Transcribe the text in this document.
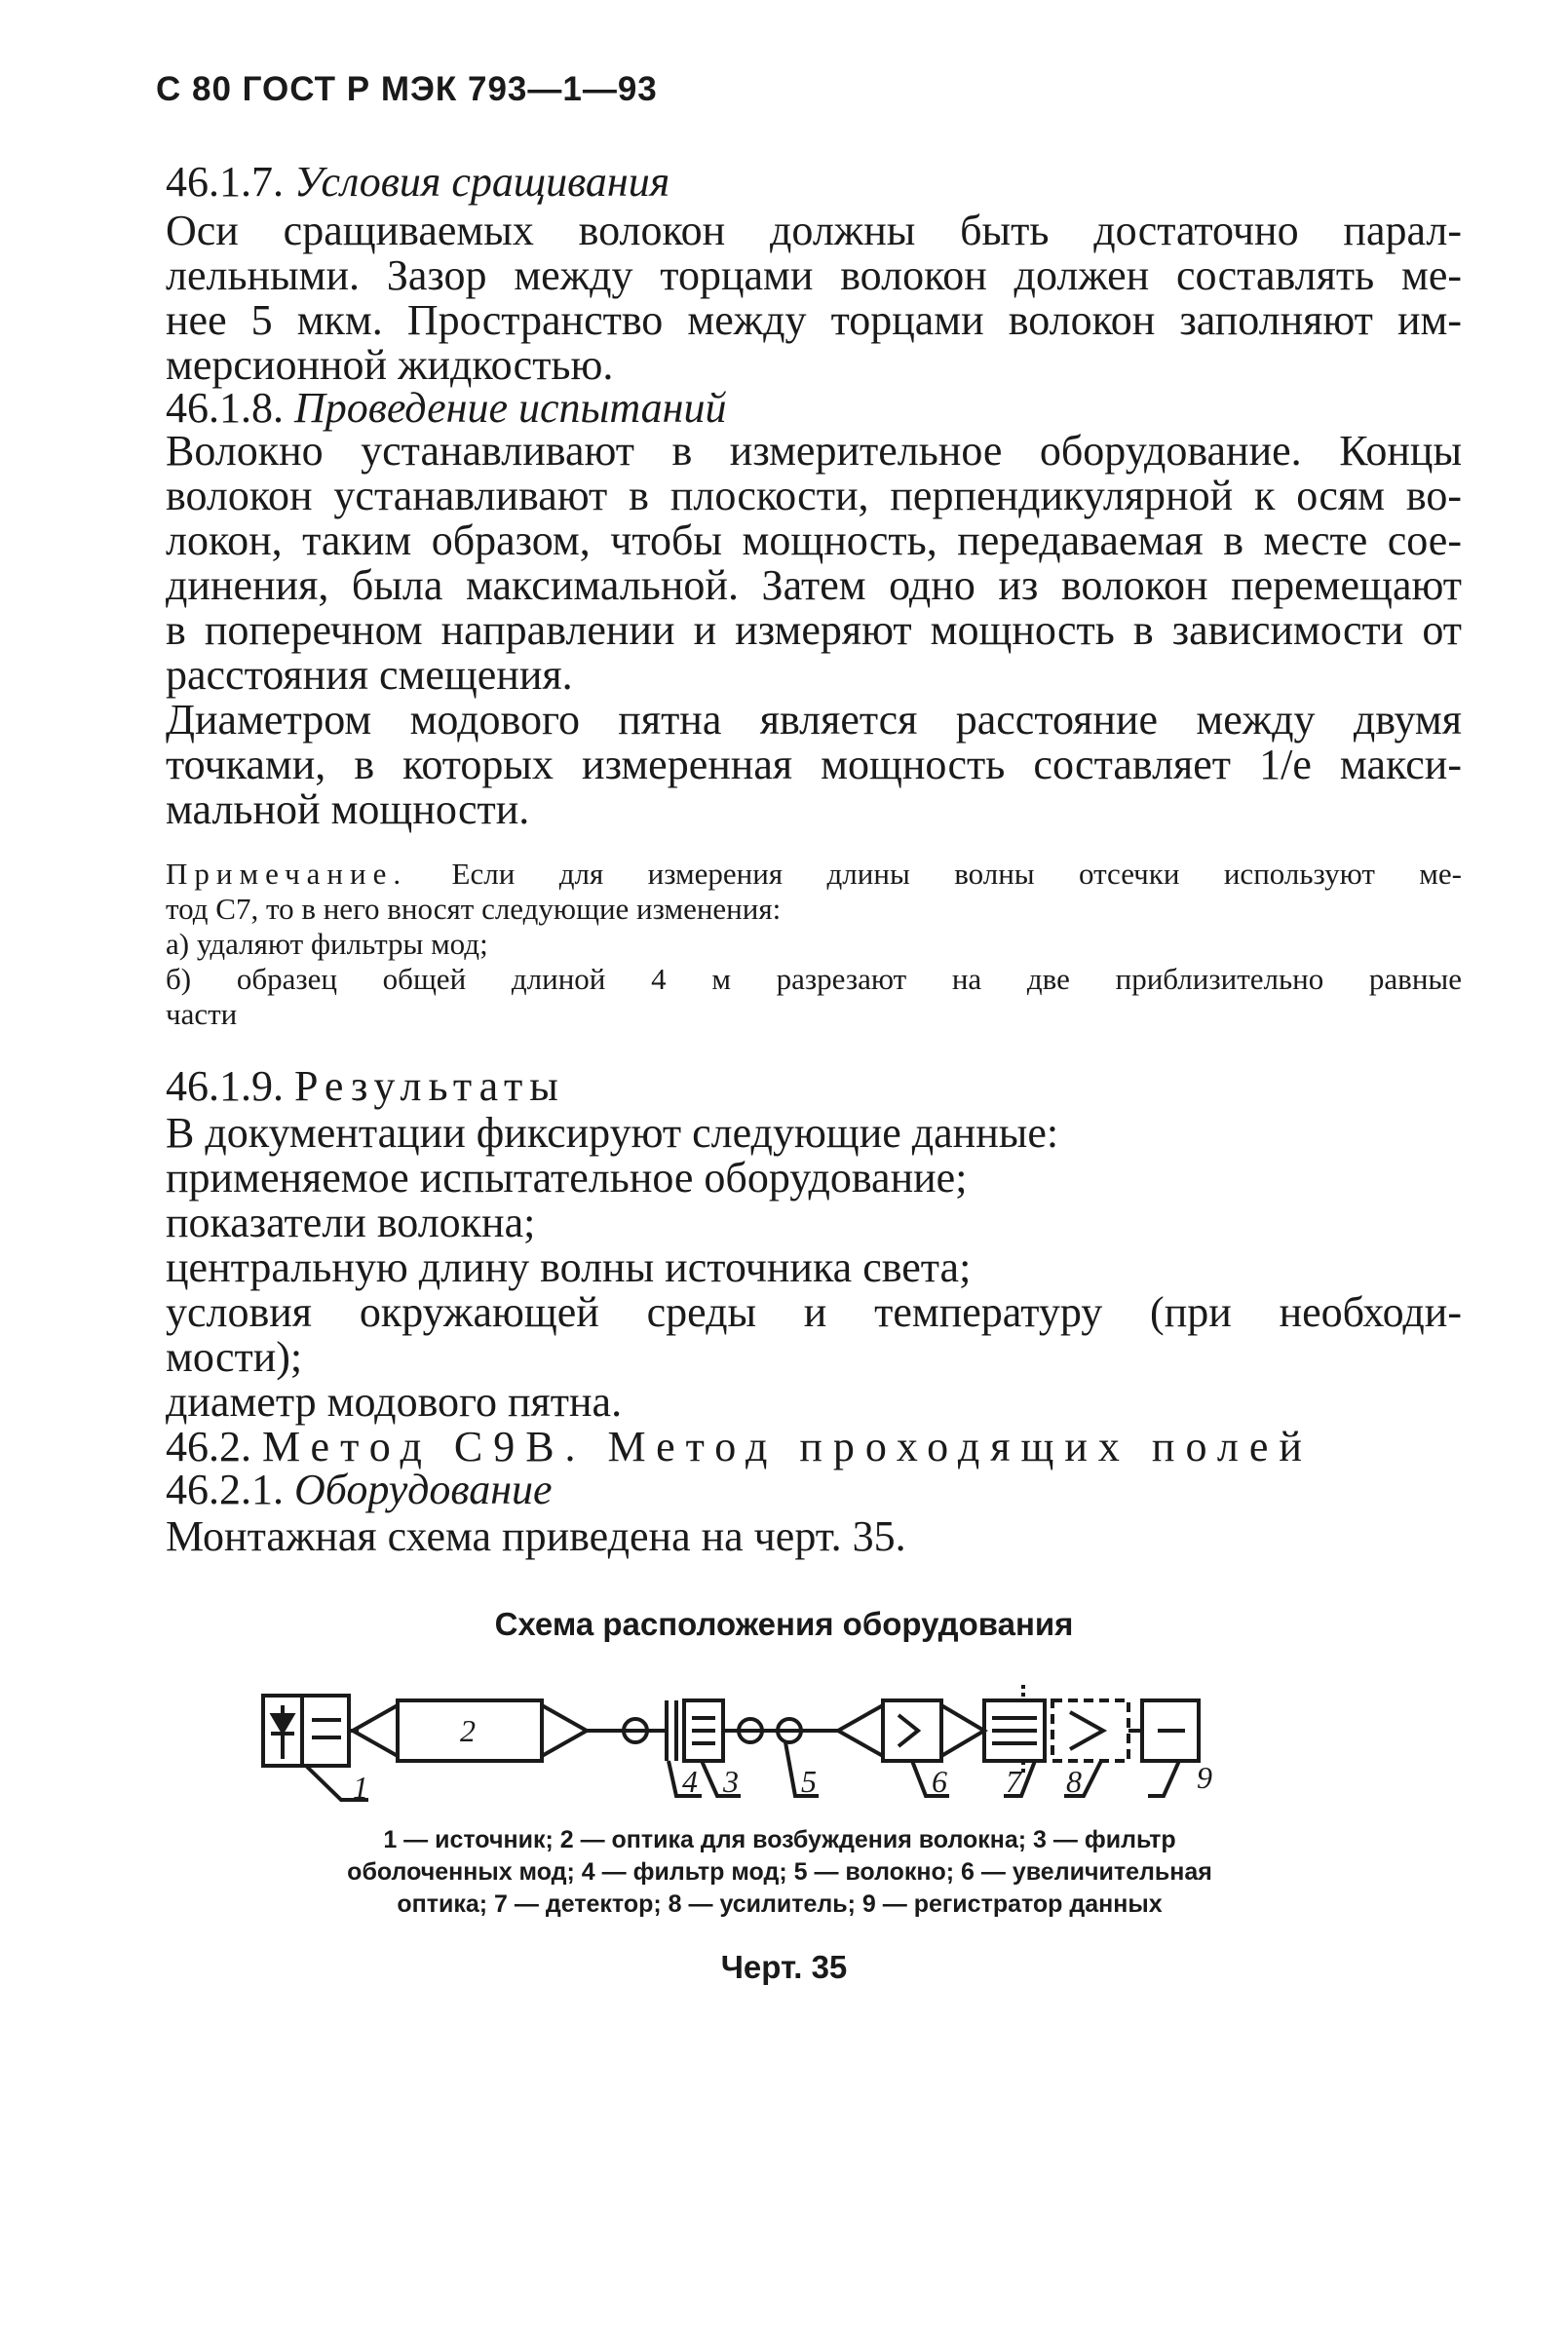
С 80 ГОСТ Р МЭК 793—1—93
46.1.7. Условия сращивания
Оси сращиваемых волокон должны быть достаточно парал-
лельными. Зазор между торцами волокон должен составлять ме-
нее 5 мкм. Пространство между торцами волокон заполняют им-
мерсионной жидкостью.
46.1.8. Проведение испытаний
Волокно устанавливают в измерительное оборудование. Концы
волокон устанавливают в плоскости, перпендикулярной к осям во-
локон, таким образом, чтобы мощность, передаваемая в месте сое-
динения, была максимальной. Затем одно из волокон перемещают
в поперечном направлении и измеряют мощность в зависимости от
расстояния смещения.
Диаметром модового пятна является расстояние между двумя
точками, в которых измеренная мощность составляет 1/e макси-
мальной мощности.
Примечание. Если для измерения длины волны отсечки используют ме-
тод С7, то в него вносят следующие изменения:
а) удаляют фильтры мод;
б) образец общей длиной 4 м разрезают на две приблизительно равные
части
46.1.9. Результаты
В документации фиксируют следующие данные:
применяемое испытательное оборудование;
показатели волокна;
центральную длину волны источника света;
условия окружающей среды и температуру (при необходи-
мости);
диаметр модового пятна.
46.2. Метод С9В. Метод проходящих полей
46.2.1. Оборудование
Монтажная схема приведена на черт. 35.
Схема расположения оборудования
1
2
3
4	5	6 7 8	9
1 — источник; 2 — оптика для возбуждения волокна; 3 — фильтр
оболоченных мод; 4 — фильтр мод; 5 — волокно; 6 — увеличительная
оптика; 7 — детектор; 8 — усилитель; 9 — регистратор данных
Черт. 35
